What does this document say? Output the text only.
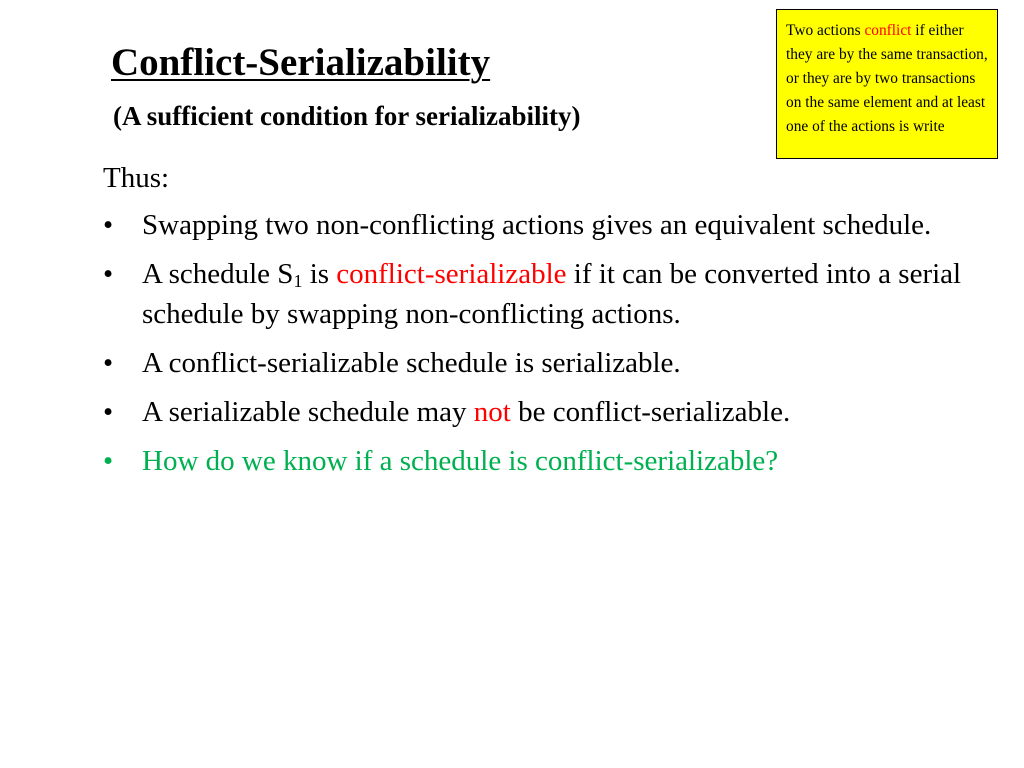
Conflict-Serializability
(A sufficient condition for serializability)
Two actions conflict if either they are by the same transaction, or they are by two transactions on the same element and at least one of the actions is write

Thus:

• Swapping two non-conflicting actions gives an equivalent schedule.
• A schedule $S_1$ is conflict-serializable if it can be converted into a serial schedule by swapping non-conflicting actions.
• A conflict-serializable schedule is serializable.
• A serializable schedule may not be conflict-serializable.
• How do we know if a schedule is conflict-serializable?
